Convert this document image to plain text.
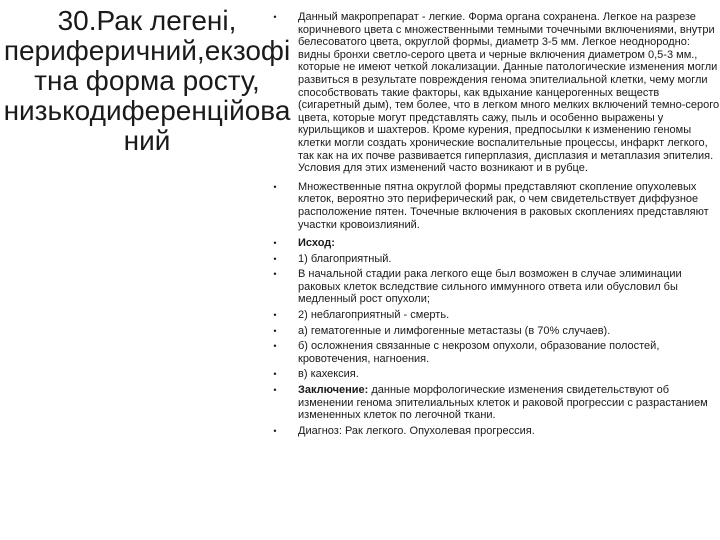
30.Рак легені,
периферичний,екзофі
тна форма росту,
низькодиференційова
ний
•	Данный макропрепарат - легкие. Форма органа сохранена. Легкое на разрезе коричневого цвета с множественными темными точечными включениями, внутри белесоватого цвета, округлой формы, диаметр 3-5 мм. Легкое неоднородно: видны бронхи светло-серого цвета и черные включения диаметром 0,5-3 мм., которые не имеют четкой локализации. Данные патологические изменения могли развиться в результате повреждения генома эпителиальной клетки, чему могли способствовать такие факторы, как вдыхание канцерогенных веществ (сигаретный дым), тем более, что в легком много мелких включений темно-серого цвета, которые могут представлять сажу, пыль и особенно выражены у курильщиков и шахтеров. Кроме курения, предпосылки к изменению геномы клетки могли создать хронические воспалительные процессы, инфаркт легкого, так как на их почве развивается гиперплазия, дисплазия и метаплазия эпителия. Условия для этих изменений часто возникают и в рубце.
•	Множественные пятна округлой формы представляют скопление опухолевых клеток, вероятно это периферический рак, о чем свидетельствует диффузное расположение пятен. Точечные включения в раковых скоплениях представляют участки кровоизлияний.
•	Исход:
•	1) благоприятный.
•	В начальной стадии рака легкого еще был возможен в случае элиминации раковых клеток вследствие сильного иммунного ответа или обусловил бы медленный рост опухоли;
•	2) неблагоприятный - смерть.
•	а) гематогенные и лимфогенные метастазы (в 70% случаев).
•	б) осложнения связанные с некрозом опухоли, образование полостей, кровотечения, нагноения.
•	в) кахексия.
•	Заключение: данные морфологические изменения свидетельствуют об изменении генома эпителиальных клеток и раковой прогрессии с разрастанием измененных клеток по легочной ткани.
•	Диагноз: Рак легкого. Опухолевая прогрессия.
